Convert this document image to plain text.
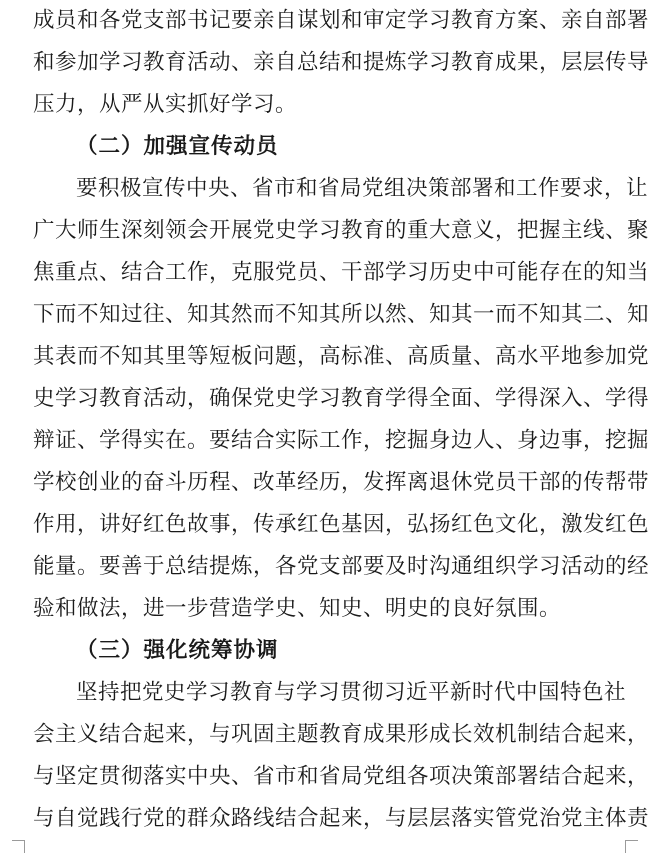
成员和各党支部书记要亲自谋划和审定学习教育方案、亲自部署
和参加学习教育活动、亲自总结和提炼学习教育成果，层层传导
压力，从严从实抓好学习。
（二）加强宣传动员
要积极宣传中央、省市和省局党组决策部署和工作要求，让
广大师生深刻领会开展党史学习教育的重大意义，把握主线、聚
焦重点、结合工作，克服党员、干部学习历史中可能存在的知当
下而不知过往、知其然而不知其所以然、知其一而不知其二、知
其表而不知其里等短板问题，高标准、高质量、高水平地参加党
史学习教育活动，确保党史学习教育学得全面、学得深入、学得
辩证、学得实在。要结合实际工作，挖掘身边人、身边事，挖掘
学校创业的奋斗历程、改革经历，发挥离退休党员干部的传帮带
作用，讲好红色故事，传承红色基因，弘扬红色文化，激发红色
能量。要善于总结提炼，各党支部要及时沟通组织学习活动的经
验和做法，进一步营造学史、知史、明史的良好氛围。
（三）强化统筹协调
坚持把党史学习教育与学习贯彻习近平新时代中国特色社
会主义结合起来，与巩固主题教育成果形成长效机制结合起来，
与坚定贯彻落实中央、省市和省局党组各项决策部署结合起来，
与自觉践行党的群众路线结合起来，与层层落实管党治党主体责
